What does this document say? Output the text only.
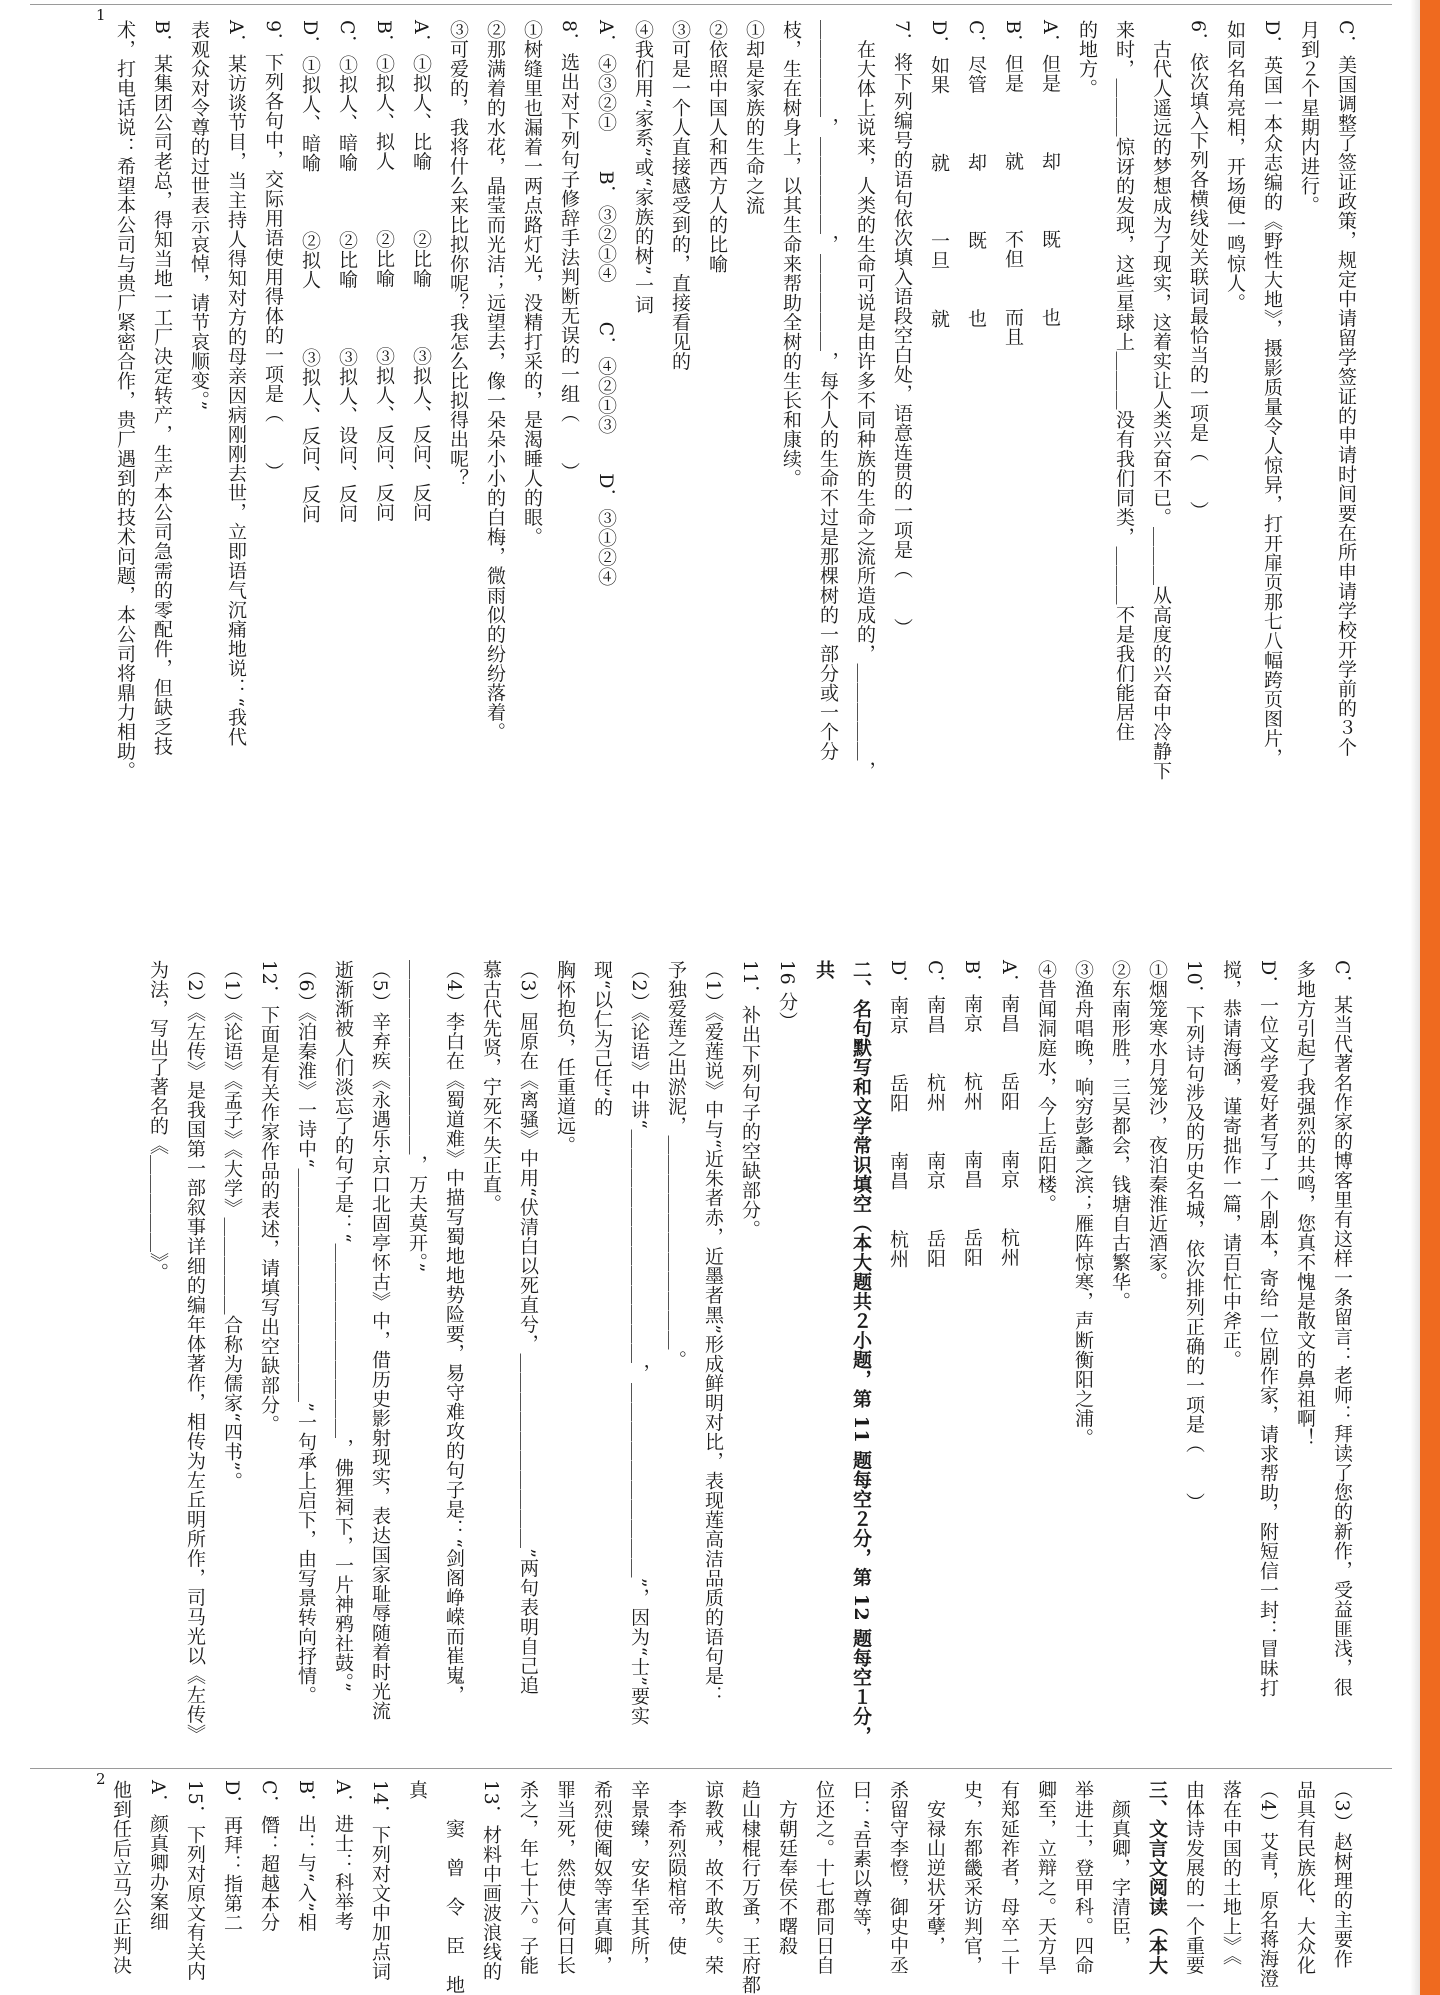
1
2

C．美国调整了签证政策，规定中请留学签证的申请时间要在所申请学校开学前的３个

月到２个星期内进行。

D．英国一本众志编的《野性大地》，摄影质量令人惊异，打开扉页那七八幅跨页图片，

如同名角亮相，开场便一鸣惊人。

6．依次填入下列各横线处关联词最恰当的一项是（　　）

　古代人遥远的梦想成为了现实，这着实让人类兴奋不已。＿＿＿从高度的兴奋中冷静下

来时，＿＿＿惊讶的发现，这些星球上＿＿＿没有我们同类，＿＿＿不是我们能居住

的地方。

A．但是　　　却　　　既　　　也

B．但是　　　就　　　不但　　而且

C．尽管　　　却　　　既　　　也

D．如果　　　就　　　一旦　　就

7．将下列编号的语句依次填入语段空白处，语意连贯的一项是（　　）

　在大体上说来，人类的生命可说是由许多不同种族的生命之流所造成的，＿＿＿＿＿，

＿＿＿＿＿，＿＿＿＿＿，＿＿＿＿＿，每个人的生命不过是那棵树的一部分或一个分

枝，生在树身上，以其生命来帮助全树的生长和康续。

①却是家族的生命之流

②依照中国人和西方人的比喻

③可是一个人直接感受到的，直接看见的

④我们用“家系”或“家族的树”一词

A．④③②①　　B．③②①④　　C．④②①③　　D．③①②④

8．选出对下列句子修辞手法判断无误的一组（　　）

①树缝里也漏着一两点路灯光，没精打采的，是渴睡人的眼。

②那满着的水花，晶莹而光洁；远望去，像一朵朵小小的白梅，微雨似的纷纷落着。

③可爱的，我将什么来比拟你呢？我怎么比拟得出呢？

A．①拟人、比喻　　　②比喻　　　③拟人、反问、反问

B．①拟人、拟人　　　②比喻　　　③拟人、反问、反问

C．①拟人、暗喻　　　②比喻　　　③拟人、设问、反问

D．①拟人、暗喻　　　②拟人　　　③拟人、反问、反问

9．下列各句中，交际用语使用得体的一项是（　　）

A．某访谈节目，当主持人得知对方的母亲因病刚刚去世，立即语气沉痛地说：“我代

表观众对令尊的过世表示哀悼，请节哀顺变。”

B．某集团公司老总，得知当地一工厂决定转产，生产本公司急需的零配件，但缺乏技

术，打电话说：希望本公司与贵厂紧密合作，贵厂遇到的技术问题，本公司将鼎力相助。

C．某当代著名作家的博客里有这样一条留言：老师：拜读了您的新作，受益匪浅，很

多地方引起了我强烈的共鸣，您真不愧是散文的鼻祖啊！

D．一位文学爱好者写了一个剧本，寄给一位剧作家，请求帮助，附短信一封：冒昧打

搅，恭请海涵，谨寄拙作一篇，请百忙中斧正。

10．下列诗句涉及的历史名城，依次排列正确的一项是（　　）

①烟笼寒水月笼沙，夜泊秦淮近酒家。

②东南形胜，三吴都会，钱塘自古繁华。

③渔舟唱晚，响穷彭蠡之滨；雁阵惊寒，声断衡阳之浦。

④昔闻洞庭水，今上岳阳楼。

A．南昌　　岳阳　　南京　　杭州

B．南京　　杭州　　南昌　　岳阳

C．南昌　　杭州　　南京　　岳阳

D．南京　　岳阳　　南昌　　杭州

二、名句默写和文学常识填空（本大题共２小题，第 11 题每空２分，第 12 题每空１分，共

16 分）

11．补出下列句子的空缺部分。

（1）《爱莲说》中与“近朱者赤，近墨者黑”形成鲜明对比，表现莲高洁品质的语句是：

予独爱莲之出淤泥，＿＿＿＿＿＿＿＿＿＿＿。

（2）《论语》中讲“＿＿＿＿＿＿＿＿＿＿＿＿，＿＿＿＿＿＿＿＿＿＿”，因为“士”要实现“以仁为己任”的

胸怀抱负，任重道远。

（3）屈原在《离骚》中用“伏清白以死直兮，＿＿＿＿＿＿＿＿＿＿”两句表明自己追

慕古代先贤，宁死不失正直。

（4）李白在《蜀道难》中描写蜀地地势险要，易守难攻的句子是：“剑阁峥嵘而崔嵬，

＿＿＿＿＿＿＿＿＿＿，万夫莫开。”

（5）辛弃疾《永遇乐·京口北固亭怀古》中，借历史影射现实，表达国家耻辱随着时光流

逝渐渐被人们淡忘了的句子是：“＿＿＿＿＿＿＿＿＿＿，佛狸祠下，一片神鸦社鼓。”

（6）《泊秦淮》一诗中“＿＿＿＿＿＿＿＿＿＿＿＿”一句承上启下，由写景转向抒情。

12．下面是有关作家作品的表述，请填写出空缺部分。

（1）《论语》《孟子》《大学》＿＿＿＿＿合称为儒家“四书”。

（2）《左传》是我国第一部叙事详细的编年体著作，相传为左丘明所作，司马光以《左传》

为法，写出了著名的《＿＿＿＿＿》。

（3）赵树理的主要作

品具有民族化、大众化

（4）艾青，原名蒋海澄

落在中国的土地上》《

由体诗发展的一个重要

三、文言文阅读（本大

　颜真卿，字清臣，

举进士，登甲科。四命

卿至，立辩之。天方旱

有郑延祚者，母卒二十

史，东都畿采访判官，

　安禄山逆状牙孽，

杀留守李憕，御史中丞

曰：“吾素以尊等，

位还之。十七郡同日自

　方朝廷奉侯不曙殺

趋山棣棍行万蚤，王府都

谅教戒，故不敢失。荣

　李希烈陨棺帝，使

辛景臻，安华至其所，

希烈使阉奴等害真卿，

罪当死，然使人何日长

杀之，年七十六。子能

13．材料中画波浪线的

　　窦　曾　令　臣　地　真

14．下列对文中加点词

A．进士：科举考

B．出：与“入”相

C．僭：超越本分

D．再拜：指第二

15．下列对原文有关内

A．颜真卿办案细

他到任后立马公正判决
